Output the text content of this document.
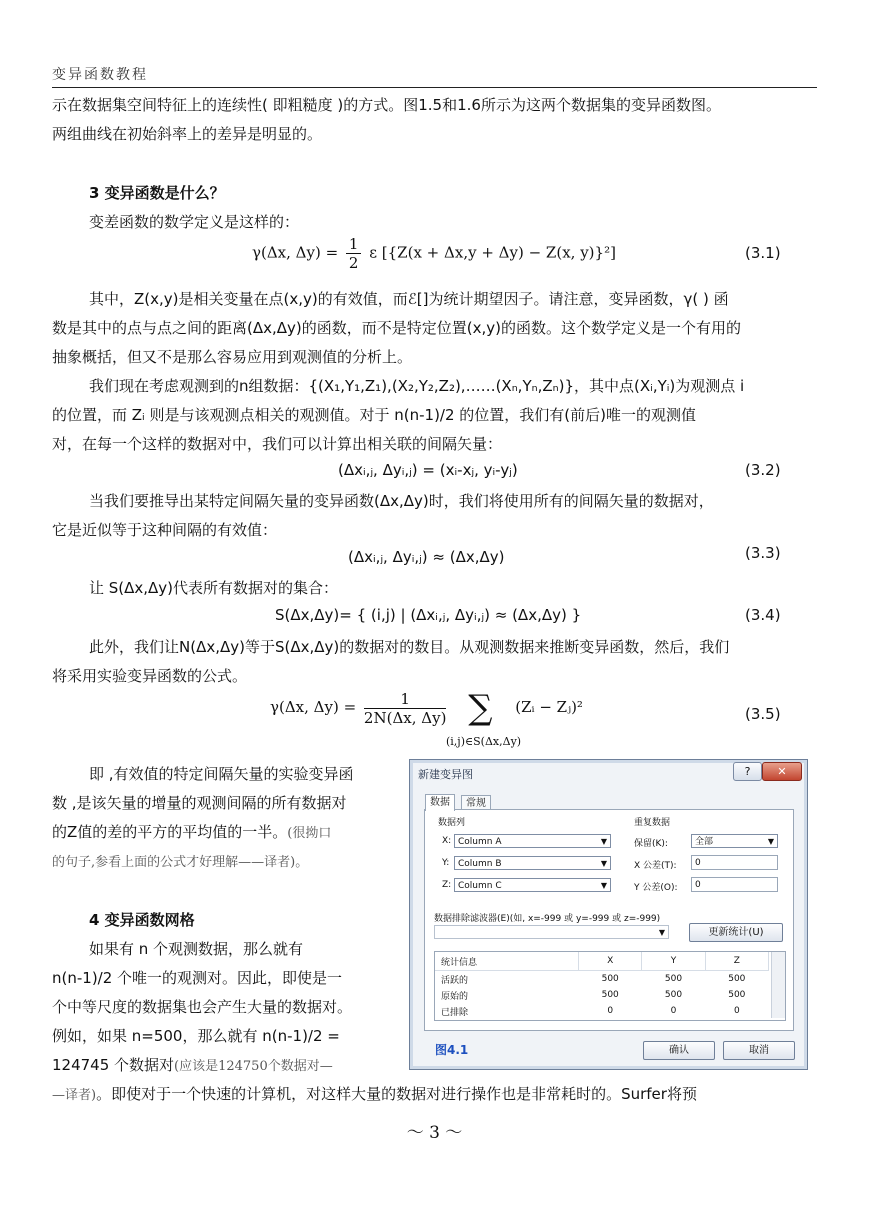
变异函数教程
示在数据集空间特征上的连续性( 即粗糙度 )的方式。图1.5和1.6所示为这两个数据集的变异函数图。
两组曲线在初始斜率上的差异是明显的。
3 变异函数是什么？
变差函数的数学定义是这样的：
γ(Δx, $\Delta y) = \frac{1}{2}$ ε [{Z(x + Δx,y + Δy) − Z(x, y)}²]	(3.1)
其中，Z(x,y)是相关变量在点(x,y)的有效值，而ℰ[]为统计期望因子。请注意，变异函数，γ( ) 函
数是其中的点与点之间的距离(Δx,Δy)的函数，而不是特定位置(x,y)的函数。这个数学定义是一个有用的
抽象概括，但又不是那么容易应用到观测值的分析上。
我们现在考虑观测到的n组数据：{(X₁,Y₁,Z₁),(X₂,Y₂,Z₂),……(Xₙ,Yₙ,Zₙ)}，其中点(Xᵢ,Yᵢ)为观测点 i
的位置，而 Zᵢ 则是与该观测点相关的观测值。对于 n(n-1)/2 的位置，我们有(前后)唯一的观测值
对，在每一个这样的数据对中，我们可以计算出相关联的间隔矢量：
(Δxᵢ,ⱼ, Δyᵢ,ⱼ) = (xᵢ-xⱼ, yᵢ-yⱼ)	(3.2)
当我们要推导出某特定间隔矢量的变异函数(Δx,Δy)时，我们将使用所有的间隔矢量的数据对，
它是近似等于这种间隔的有效值：
(Δxᵢ,ⱼ, Δyᵢ,ⱼ) ≈ (Δx,Δy)	(3.3)
让 S(Δx,Δy)代表所有数据对的集合：
S(Δx,Δy)= { (i,j) | (Δxᵢ,ⱼ, Δyᵢ,ⱼ) ≈ (Δx,Δy) }	(3.4)
此外，我们让N(Δx,Δy)等于S(Δx,Δy)的数据对的数目。从观测数据来推断变异函数，然后，我们
将采用实验变异函数的公式。
γ(Δx, $\Delta y) = \frac{1}{2N(\Delta x, \Delta y)}$ ∑ (Zᵢ − Zⱼ)²
(i,j)∈S(Δx,Δy)
(3.5)
即 ,有效值的特定间隔矢量的实验变异函
数 ,是该矢量的增量的观测间隔的所有数据对
的Z值的差的平方的平均值的一半。(很拗口
的句子,参看上面的公式才好理解——译者)。
4 变异函数网格
如果有 n 个观测数据，那么就有
n(n-1)/2 个唯一的观测对。因此，即使是一
个中等尺度的数据集也会产生大量的数据对。
例如，如果 n=500，那么就有 n(n-1)/2 =
124745 个数据对(应该是124750个数据对—
—译者)。即使对于一个快速的计算机，对这样大量的数据对进行操作也是非常耗时的。Surfer将预
新建变异图	?	✕
数据	常规
数据列	重复数据
X: Column A	▼
Y: Column B	▼
Z: Column C	▼
保留(K):	全部	▼
X 公差(T):	0
Y 公差(O):	0
数据排除滤波器(E)(如, x=-999 或 y=-999 或 z=-999)
▼	更新统计(U)
统计信息	X	Y	Z
活跃的	500	500	500
原始的	500	500	500
已排除	0	0	0
图4.1	确认	取消
～ 3 ～
